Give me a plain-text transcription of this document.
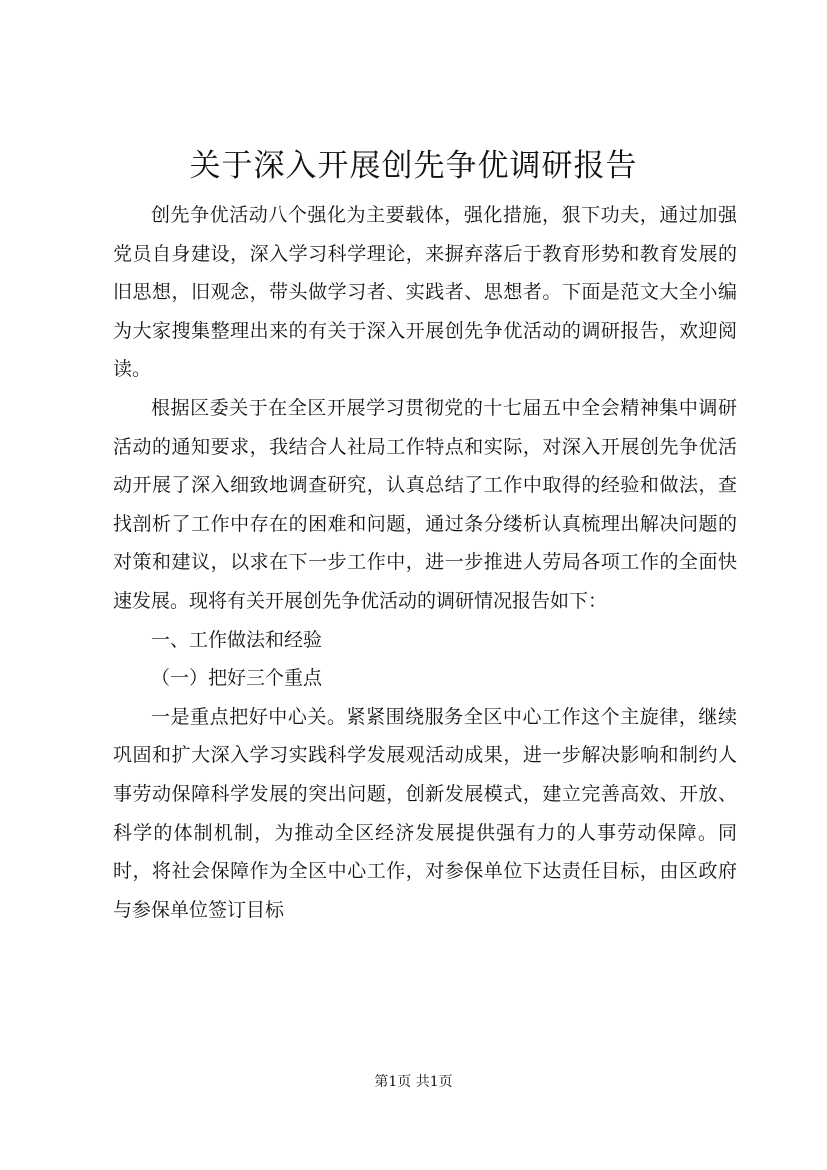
关于深入开展创先争优调研报告

创先争优活动八个强化为主要载体，强化措施，狠下功夫，通过加强党员自身建设，深入学习科学理论，来摒弃落后于教育形势和教育发展的旧思想，旧观念，带头做学习者、实践者、思想者。下面是范文大全小编为大家搜集整理出来的有关于深入开展创先争优活动的调研报告，欢迎阅读。

根据区委关于在全区开展学习贯彻党的十七届五中全会精神集中调研活动的通知要求，我结合人社局工作特点和实际，对深入开展创先争优活动开展了深入细致地调查研究，认真总结了工作中取得的经验和做法，查找剖析了工作中存在的困难和问题，通过条分缕析认真梳理出解决问题的对策和建议，以求在下一步工作中，进一步推进人劳局各项工作的全面快速发展。现将有关开展创先争优活动的调研情况报告如下：

一、工作做法和经验

（一）把好三个重点

一是重点把好中心关。紧紧围绕服务全区中心工作这个主旋律，继续巩固和扩大深入学习实践科学发展观活动成果，进一步解决影响和制约人事劳动保障科学发展的突出问题，创新发展模式，建立完善高效、开放、科学的体制机制，为推动全区经济发展提供强有力的人事劳动保障。同时，将社会保障作为全区中心工作，对参保单位下达责任目标，由区政府与参保单位签订目标

第1页 共1页
